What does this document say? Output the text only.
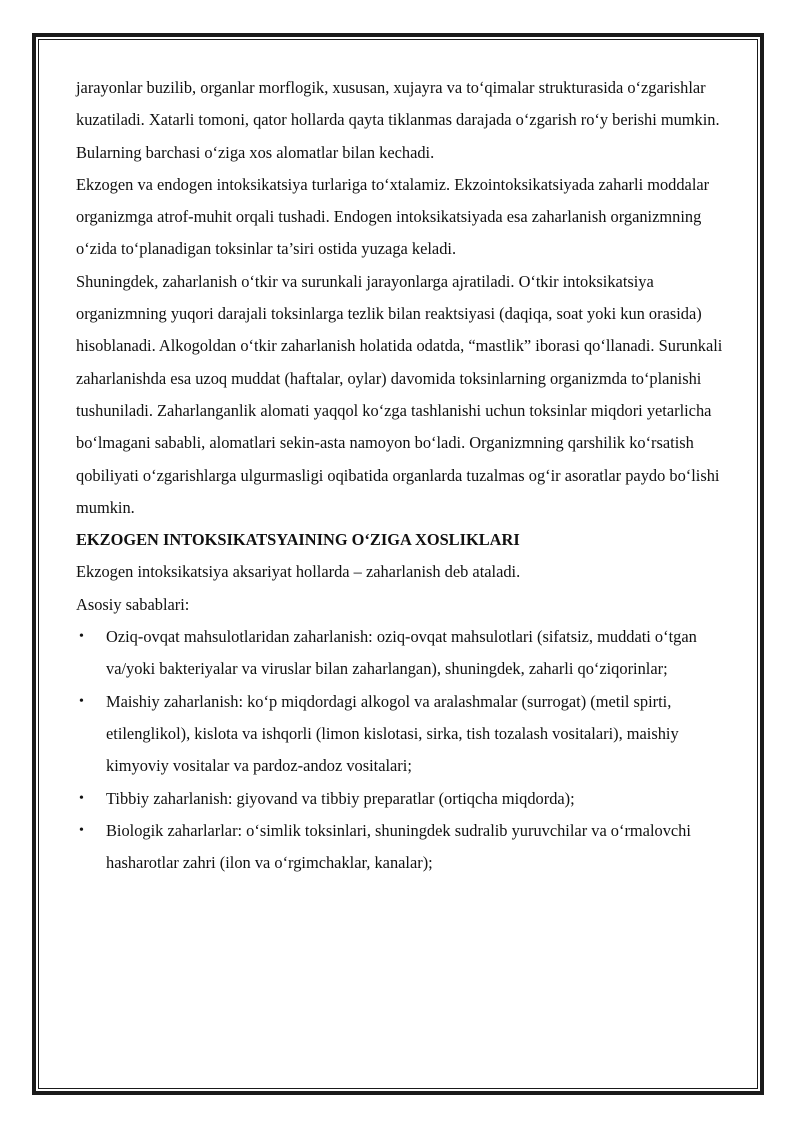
jarayonlar buzilib, organlar morflogik, xususan, xujayra va to‘qimalar strukturasida o‘zgarishlar kuzatiladi. Xatarli tomoni, qator hollarda qayta tiklanmas darajada o‘zgarish ro‘y berishi mumkin. Bularning barchasi o‘ziga xos alomatlar bilan kechadi.

Ekzogen va endogen intoksikatsiya turlariga to‘xtalamiz. Ekzointoksikatsiyada zaharli moddalar organizmga atrof-muhit orqali tushadi. Endogen intoksikatsiyada esa zaharlanish organizmning o‘zida to‘planadigan toksinlar ta’siri ostida yuzaga keladi.

Shuningdek, zaharlanish o‘tkir va surunkali jarayonlarga ajratiladi. O‘tkir intoksikatsiya organizmning yuqori darajali toksinlarga tezlik bilan reaktsiyasi (daqiqa, soat yoki kun orasida) hisoblanadi. Alkogoldan o‘tkir zaharlanish holatida odatda, “mastlik” iborasi qo‘llanadi. Surunkali zaharlanishda esa uzoq muddat (haftalar, oylar) davomida toksinlarning organizmda to‘planishi tushuniladi. Zaharlanganlik alomati yaqqol ko‘zga tashlanishi uchun toksinlar miqdori yetarlicha bo‘lmagani sababli, alomatlari sekin-asta namoyon bo‘ladi. Organizmning qarshilik ko‘rsatish qobiliyati o‘zgarishlarga ulgurmasligi oqibatida organlarda tuzalmas og‘ir asoratlar paydo bo‘lishi mumkin.

EKZOGEN INTOKSIKATSYAINING O‘ZIGA XOSLIKLARI

Ekzogen intoksikatsiya aksariyat hollarda – zaharlanish deb ataladi.

Asosiy sabablari:

• Oziq-ovqat mahsulotlaridan zaharlanish: oziq-ovqat mahsulotlari (sifatsiz, muddati o‘tgan va/yoki bakteriyalar va viruslar bilan zaharlangan), shuningdek, zaharli qo‘ziqorinlar;
• Maishiy zaharlanish: ko‘p miqdordagi alkogol va aralashmalar (surrogat) (metil spirti, etilenglikol), kislota va ishqorli (limon kislotasi, sirka, tish tozalash vositalari), maishiy kimyoviy vositalar va pardoz-andoz vositalari;
• Tibbiy zaharlanish: giyovand va tibbiy preparatlar (ortiqcha miqdorda);
• Biologik zaharlarlar: o‘simlik toksinlari, shuningdek sudralib yuruvchilar va o‘rmalovchi hasharotlar zahri (ilon va o‘rgimchaklar, kanalar);
